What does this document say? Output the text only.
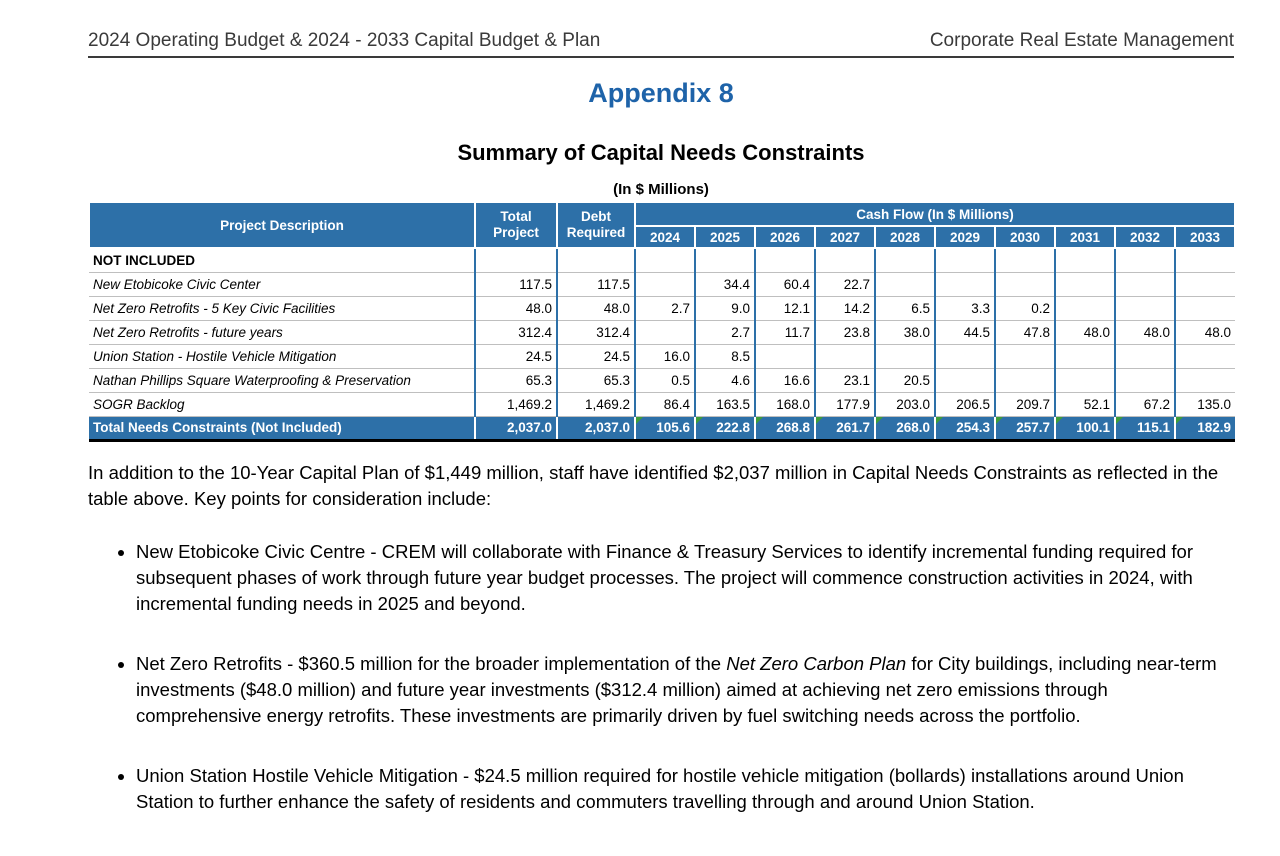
2024 Operating Budget & 2024 - 2033 Capital Budget & Plan	Corporate Real Estate Management
Appendix 8
Summary of Capital Needs Constraints
(In $ Millions)
Project Description	
Total
Project

Debt
Required
	Cash Flow (In $ Millions)
			2024	2025	2026	2027	2028	2029	2030	2031	2032	2033
NOT INCLUDED												
New Etobicoke Civic Center	117.5	117.5		34.4	60.4	22.7						
Net Zero Retrofits - 5 Key Civic Facilities	48.0	48.0	2.7	9.0	12.1	14.2	6.5	3.3	0.2			
Net Zero Retrofits - future years	312.4	312.4		2.7	11.7	23.8	38.0	44.5	47.8	48.0	48.0	48.0
Union Station - Hostile Vehicle Mitigation	24.5	24.5	16.0	8.5								
Nathan Phillips Square Waterproofing & Preservation	65.3	65.3	0.5	4.6	16.6	23.1	20.5					
SOGR Backlog	1,469.2	1,469.2	86.4	163.5	168.0	177.9	203.0	206.5	209.7	52.1	67.2	135.0
Total Needs Constraints (Not Included)	2,037.0	2,037.0	105.6	222.8	268.8	261.7	268.0	254.3	257.7	100.1	115.1	182.9

In addition to the 10-Year Capital Plan of $1,449 million, staff have identified $2,037 million in Capital Needs Constraints as reflected in the table above. Key points for consideration include:

• New Etobicoke Civic Centre - CREM will collaborate with Finance & Treasury Services to identify incremental funding required for subsequent phases of work through future year budget processes. The project will commence construction activities in 2024, with incremental funding needs in 2025 and beyond.
• Net Zero Retrofits - $360.5 million for the broader implementation of the Net Zero Carbon Plan for City buildings, including near-term investments ($48.0 million) and future year investments ($312.4 million) aimed at achieving net zero emissions through comprehensive energy retrofits. These investments are primarily driven by fuel switching needs across the portfolio.
• Union Station Hostile Vehicle Mitigation - $24.5 million required for hostile vehicle mitigation (bollards) installations around Union Station to further enhance the safety of residents and commuters travelling through and around Union Station.
